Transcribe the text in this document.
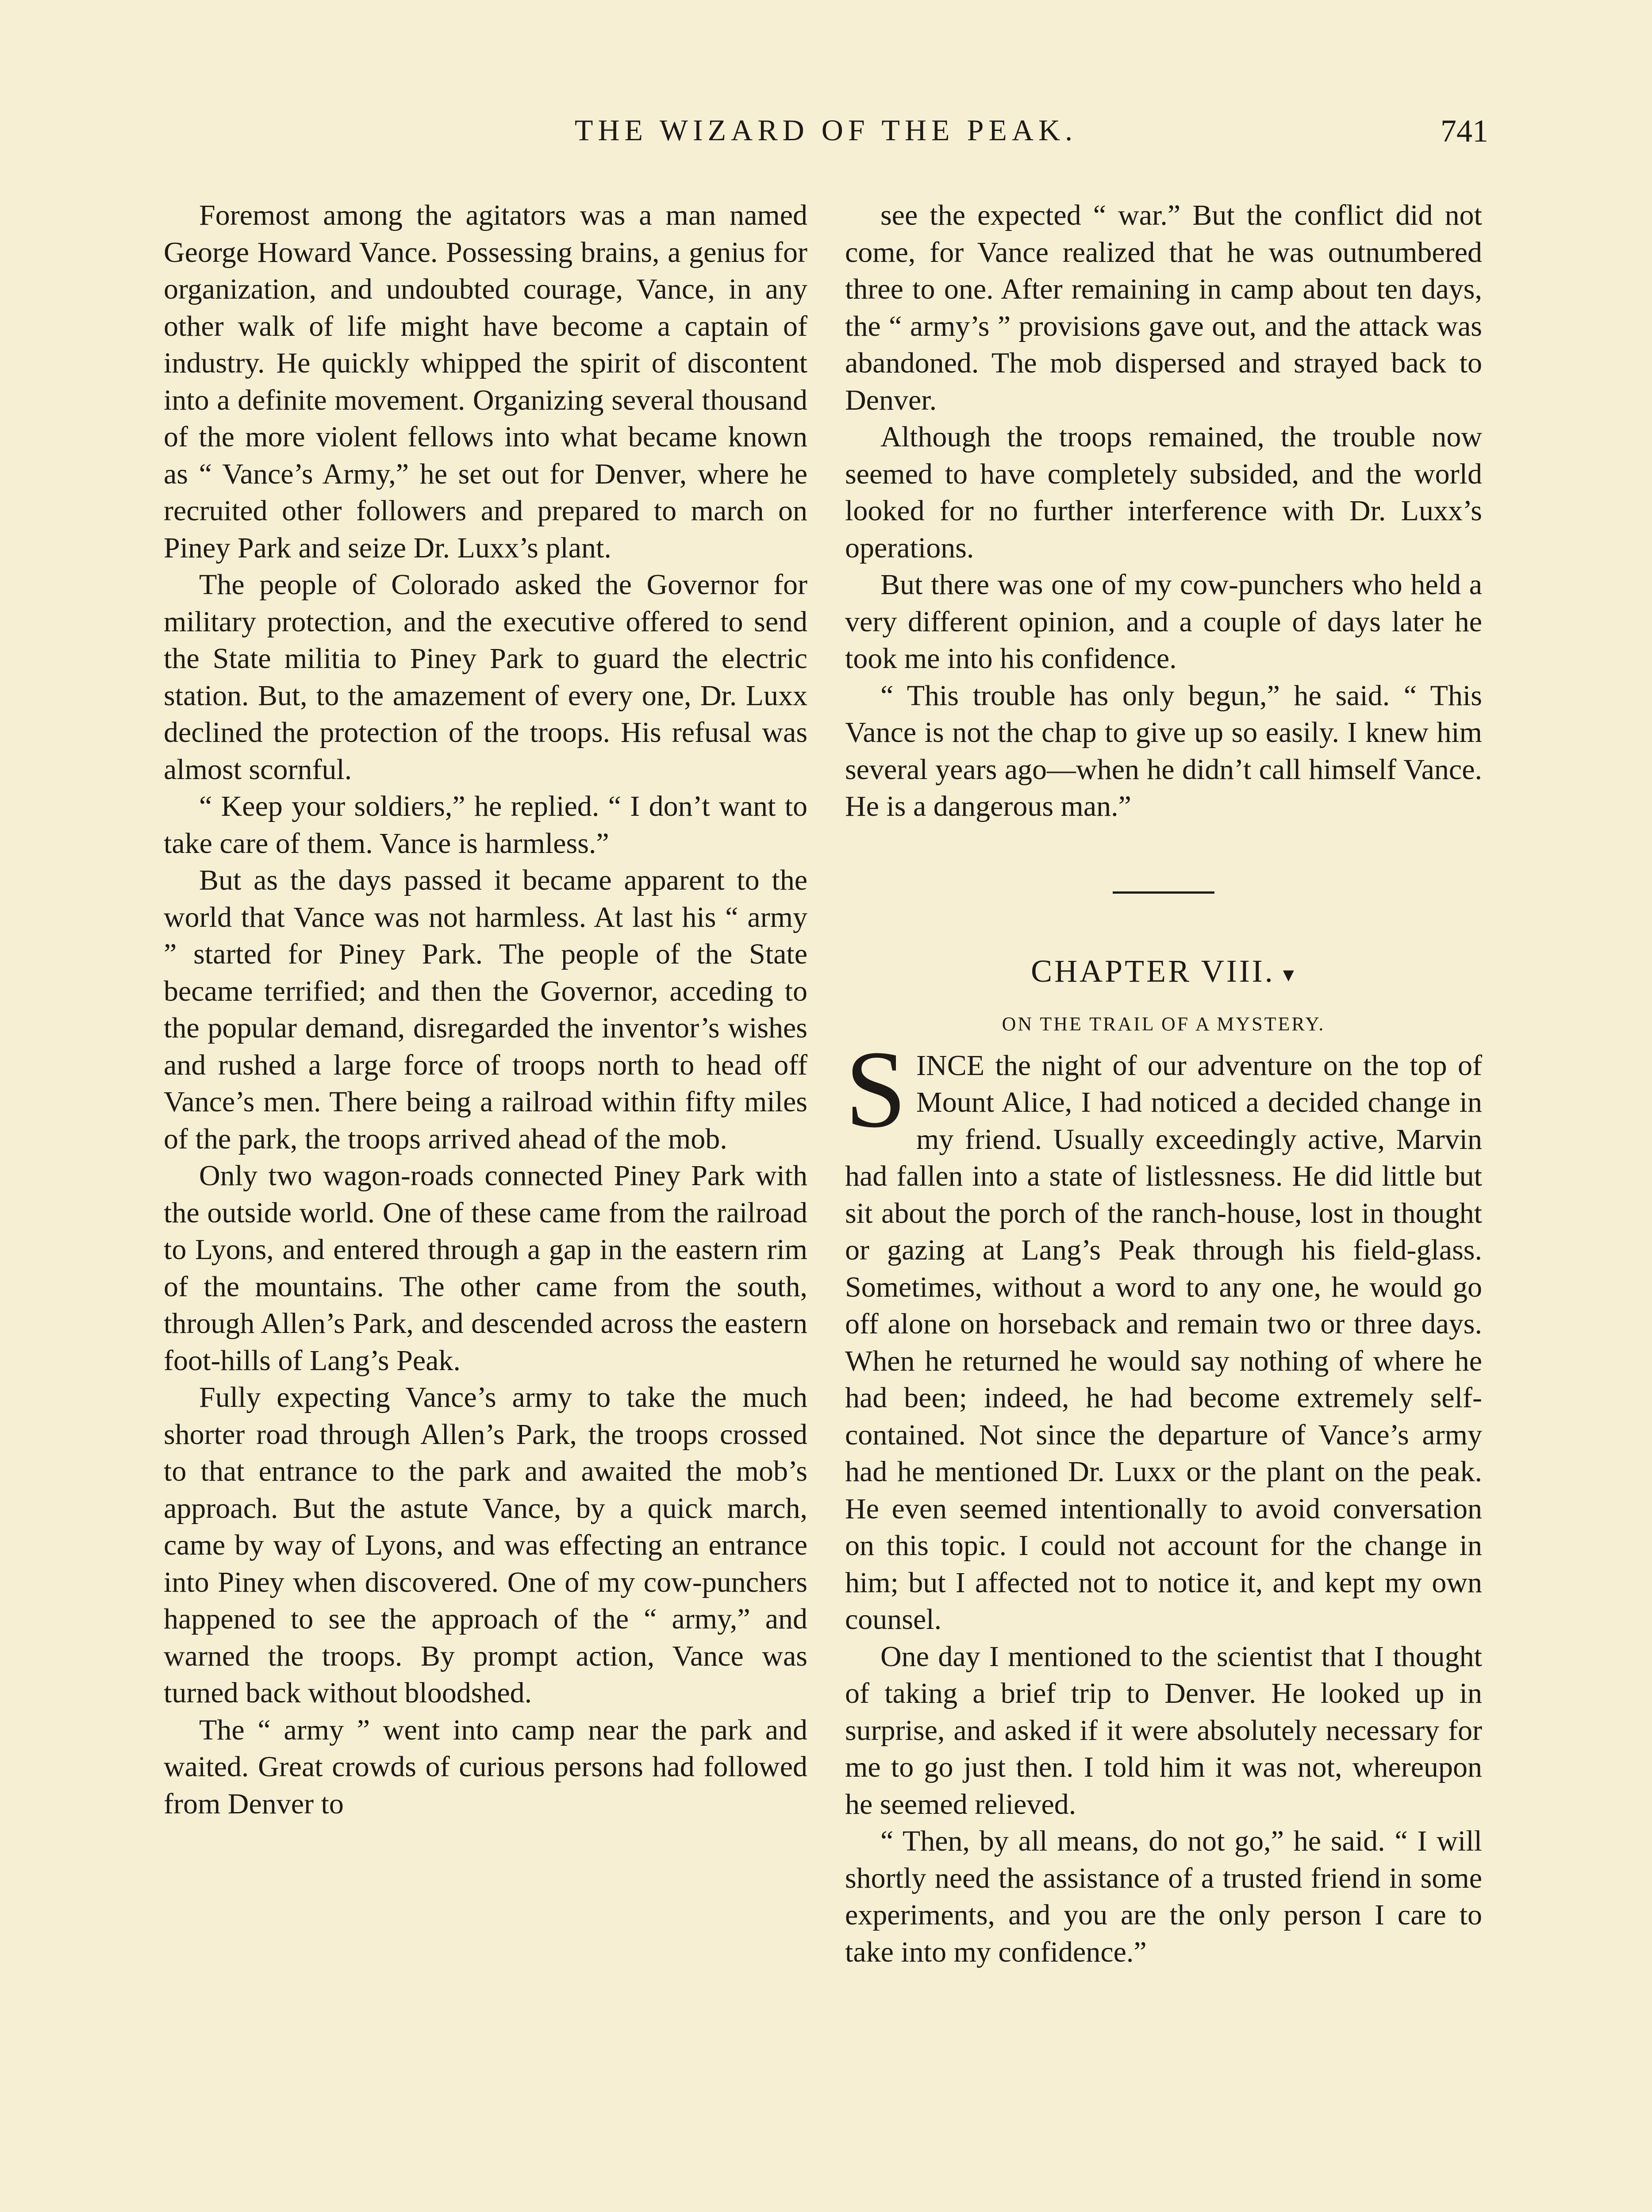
THE WIZARD OF THE PEAK.	741

Foremost among the agitators was a man named George Howard Vance. Possessing brains, a genius for organization, and undoubted courage, Vance, in any other walk of life might have become a captain of industry. He quickly whipped the spirit of discontent into a definite movement. Organizing several thousand of the more violent fellows into what became known as “ Vance’s Army,” he set out for Denver, where he recruited other followers and prepared to march on Piney Park and seize Dr. Luxx’s plant.

The people of Colorado asked the Governor for military protection, and the executive offered to send the State militia to Piney Park to guard the electric station. But, to the amazement of every one, Dr. Luxx declined the protection of the troops. His refusal was almost scornful.

“ Keep your soldiers,” he replied. “ I don’t want to take care of them. Vance is harmless.”

But as the days passed it became apparent to the world that Vance was not harmless. At last his “ army ” started for Piney Park. The people of the State became terrified; and then the Governor, acceding to the popular demand, disregarded the inventor’s wishes and rushed a large force of troops north to head off Vance’s men. There being a railroad within fifty miles of the park, the troops arrived ahead of the mob.

Only two wagon-roads connected Piney Park with the outside world. One of these came from the railroad to Lyons, and entered through a gap in the eastern rim of the mountains. The other came from the south, through Allen’s Park, and descended across the eastern foot-hills of Lang’s Peak.

Fully expecting Vance’s army to take the much shorter road through Allen’s Park, the troops crossed to that entrance to the park and awaited the mob’s approach. But the astute Vance, by a quick march, came by way of Lyons, and was effecting an entrance into Piney when discovered. One of my cow-punchers happened to see the approach of the “ army,” and warned the troops. By prompt action, Vance was turned back without bloodshed.

The “ army ” went into camp near the park and waited. Great crowds of curious persons had followed from Denver to

see the expected “ war.” But the conflict did not come, for Vance realized that he was outnumbered three to one. After remaining in camp about ten days, the “ army’s ” provisions gave out, and the attack was abandoned. The mob dispersed and strayed back to Denver.

Although the troops remained, the trouble now seemed to have completely subsided, and the world looked for no further interference with Dr. Luxx’s operations.

But there was one of my cow-punchers who held a very different opinion, and a couple of days later he took me into his confidence.

“ This trouble has only begun,” he said. “ This Vance is not the chap to give up so easily. I knew him several years ago—when he didn’t call himself Vance. He is a dangerous man.”

CHAPTER VIII. ▾
ON THE TRAIL OF A MYSTERY.

SINCE the night of our adventure on the top of Mount Alice, I had noticed a decided change in my friend. Usually exceedingly active, Marvin had fallen into a state of listlessness. He did little but sit about the porch of the ranch-house, lost in thought or gazing at Lang’s Peak through his field-glass. Sometimes, without a word to any one, he would go off alone on horseback and remain two or three days. When he returned he would say nothing of where he had been; indeed, he had become extremely self-contained. Not since the departure of Vance’s army had he mentioned Dr. Luxx or the plant on the peak. He even seemed intentionally to avoid conversation on this topic. I could not account for the change in him; but I affected not to notice it, and kept my own counsel.

One day I mentioned to the scientist that I thought of taking a brief trip to Denver. He looked up in surprise, and asked if it were absolutely necessary for me to go just then. I told him it was not, whereupon he seemed relieved.

“ Then, by all means, do not go,” he said. “ I will shortly need the assistance of a trusted friend in some experiments, and you are the only person I care to take into my confidence.”
